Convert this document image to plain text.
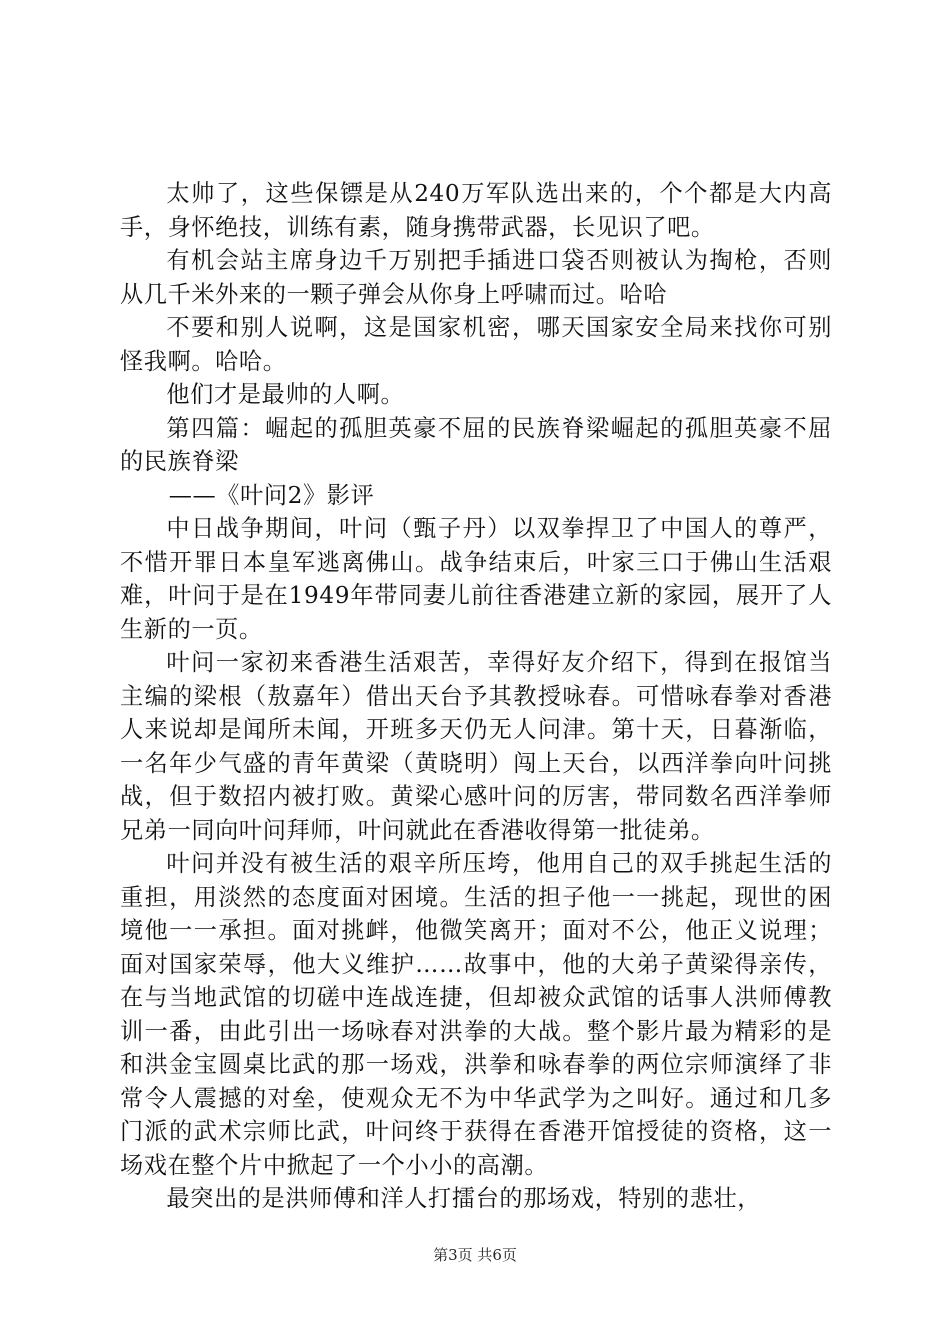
太帅了，这些保镖是从240万军队选出来的，个个都是大内高手，身怀绝技，训练有素，随身携带武器，长见识了吧。

有机会站主席身边千万别把手插进口袋否则被认为掏枪，否则从几千米外来的一颗子弹会从你身上呼啸而过。哈哈

不要和别人说啊，这是国家机密，哪天国家安全局来找你可别怪我啊。哈哈。

他们才是最帅的人啊。

第四篇：崛起的孤胆英豪不屈的民族脊梁崛起的孤胆英豪不屈的民族脊梁

——《叶问2》影评

中日战争期间，叶问（甄子丹）以双拳捍卫了中国人的尊严，不惜开罪日本皇军逃离佛山。战争结束后，叶家三口于佛山生活艰难，叶问于是在1949年带同妻儿前往香港建立新的家园，展开了人生新的一页。

叶问一家初来香港生活艰苦，幸得好友介绍下，得到在报馆当主编的梁根（敖嘉年）借出天台予其教授咏春。可惜咏春拳对香港人来说却是闻所未闻，开班多天仍无人问津。第十天，日暮渐临，一名年少气盛的青年黄梁（黄晓明）闯上天台，以西洋拳向叶问挑战，但于数招内被打败。黄梁心感叶问的厉害，带同数名西洋拳师兄弟一同向叶问拜师，叶问就此在香港收得第一批徒弟。

叶问并没有被生活的艰辛所压垮，他用自己的双手挑起生活的重担，用淡然的态度面对困境。生活的担子他一一挑起，现世的困境他一一承担。面对挑衅，他微笑离开；面对不公，他正义说理；面对国家荣辱，他大义维护……故事中，他的大弟子黄梁得亲传，在与当地武馆的切磋中连战连捷，但却被众武馆的话事人洪师傅教训一番，由此引出一场咏春对洪拳的大战。整个影片最为精彩的是和洪金宝圆桌比武的那一场戏，洪拳和咏春拳的两位宗师演绎了非常令人震撼的对垒，使观众无不为中华武学为之叫好。通过和几多门派的武术宗师比武，叶问终于获得在香港开馆授徒的资格，这一场戏在整个片中掀起了一个小小的高潮。

最突出的是洪师傅和洋人打擂台的那场戏，特别的悲壮，

第3页 共6页
